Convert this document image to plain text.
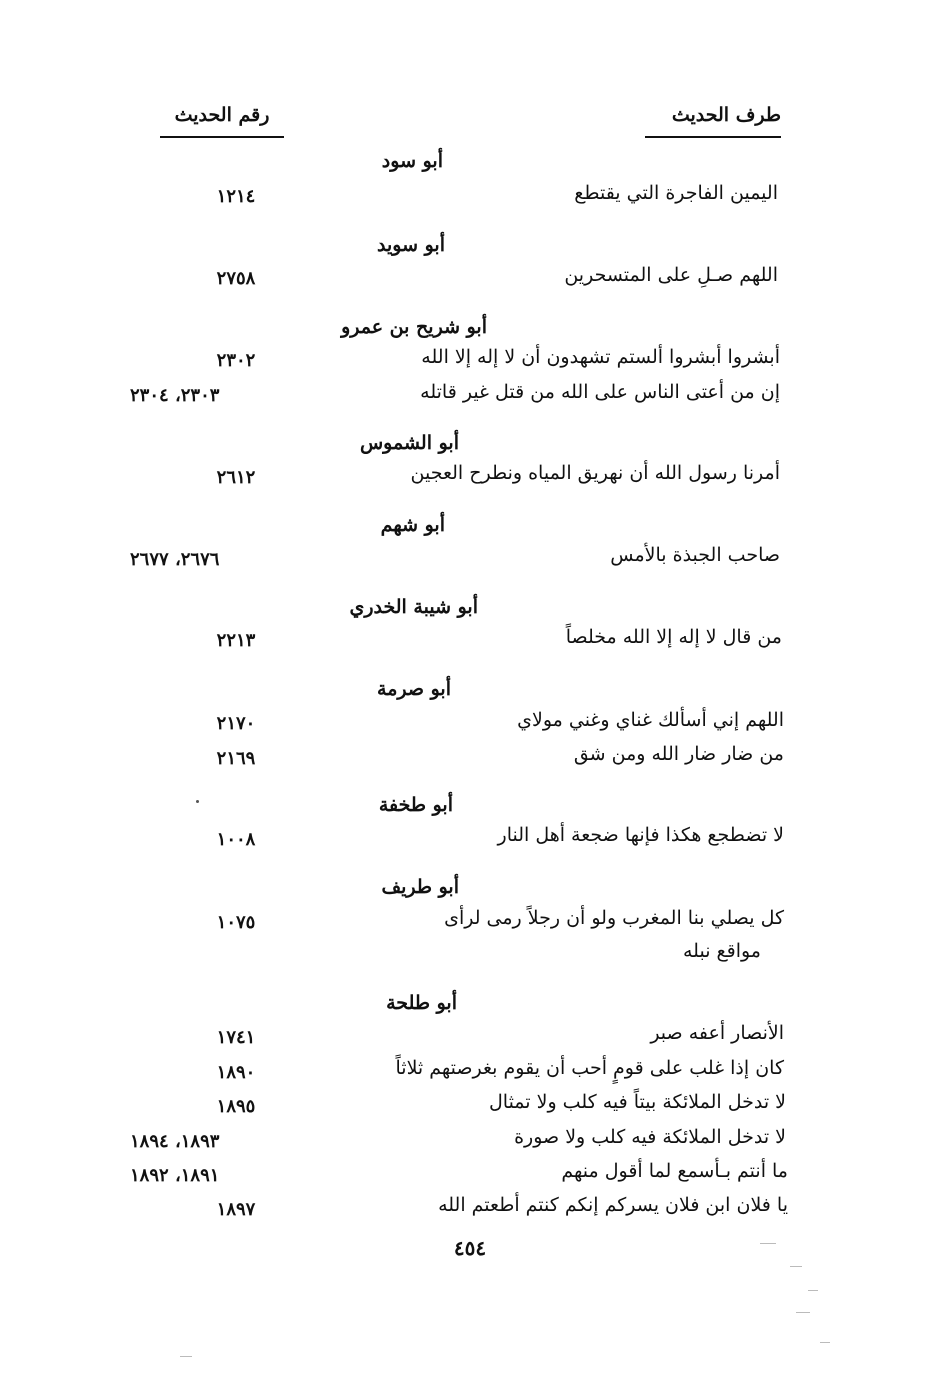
طرف الحديث
رقم الحديث
أبو سود
اليمين الفاجرة التي يقتطع
١٢١٤
أبو سويد
اللهم صـلِ على المتسحرين
٢٧٥٨
أبو شريح بن عمرو
أبشروا أبشروا ألستم تشهدون أن لا إله إلا الله
٢٣٠٢
إن من أعتى الناس على الله من قتل غير قاتله
٢٣٠٣، ٢٣٠٤
أبو الشموس
أمرنا رسول الله أن نهريق المياه ونطرح العجين
٢٦١٢
أبو شهم
صاحب الجبذة بالأمس
٢٦٧٦، ٢٦٧٧
أبو شيبة الخدري
من قال لا إله إلا الله مخلصاً
٢٢١٣
أبو صرمة
اللهم إني أسألك غناي وغني مولاي
٢١٧٠
من ضار ضار الله ومن شق
٢١٦٩
أبو طخفة
لا تضطجع هكذا فإنها ضجعة أهل النار
١٠٠٨
أبو طريف
كل يصلي بنا المغرب ولو أن رجلاً رمى لرأى
مواقع نبله
١٠٧٥
أبو طلحة
الأنصار أعفه صبر
١٧٤١
كان إذا غلب على قومٍ أحب أن يقوم بغرصتهم ثلاثاً
١٨٩٠
لا تدخل الملائكة بيتاً فيه كلب ولا تمثال
١٨٩٥
لا تدخل الملائكة فيه كلب ولا صورة
١٨٩٣، ١٨٩٤
ما أنتم بـأسمع لما أقول منهم
١٨٩١، ١٨٩٢
يا فلان ابن فلان يسركم إنكم كنتم أطعتم الله
١٨٩٧
٤٥٤
